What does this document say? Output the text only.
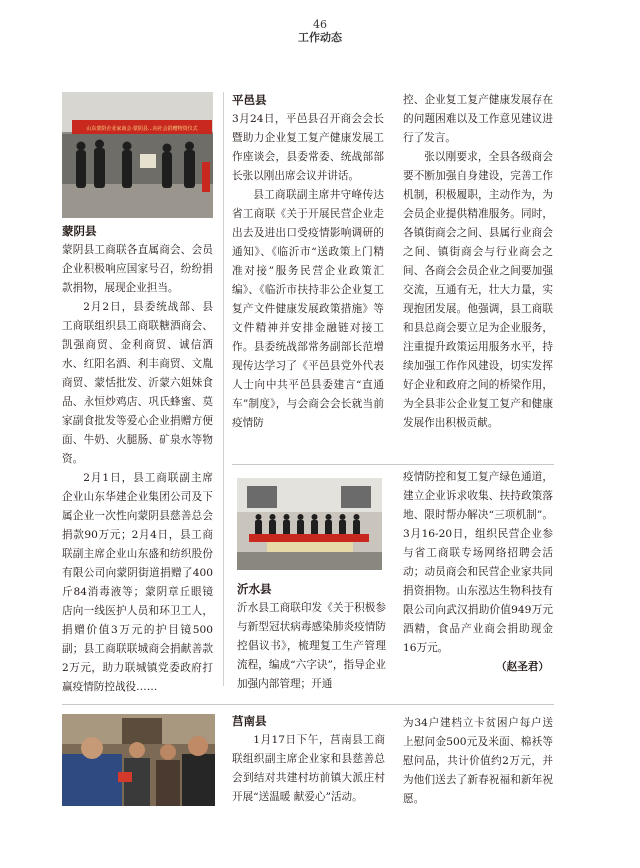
46
工作动态
山东蒙阴企业家商会·蒙阴县...向社会捐赠物资仪式
蒙阴县

蒙阴县工商联各直属商会、会员企业积极响应国家号召，纷纷捐款捐物，展现企业担当。

2月2日，县委统战部、县工商联组织县工商联糖酒商会、凯强商贸、金利商贸、诚信酒水、红阳名酒、利丰商贸、文胤商贸、蒙恬批发、沂蒙六姐妹食品、永恒炒鸡店、巩氏蜂蜜、莫家副食批发等爱心企业捐赠方便面、牛奶、火腿肠、矿泉水等物资。

2月1日，县工商联副主席企业山东华建企业集团公司及下属企业一次性向蒙阴县慈善总会捐款90万元；2月4日，县工商联副主席企业山东盛和纺织股份有限公司向蒙阴街道捐赠了400斤84消毒液等；蒙阴章丘眼镜店向一线医护人员和环卫工人，捐赠价值3万元的护目镜500副；县工商联联城商会捐献善款2万元，助力联城镇党委政府打赢疫情防控战役……

平邑县

3月24日，平邑县召开商会会长暨助力企业复工复产健康发展工作座谈会，县委常委、统战部部长张以刚出席会议并讲话。

县工商联副主席井守峰传达省工商联《关于开展民营企业走出去及进出口受疫情影响调研的通知》、《临沂市“送政策上门精准对接”服务民营企业政策汇编》、《临沂市扶持非公企业复工复产文件健康发展政策措施》等文件精神并安排金融链对接工作。县委统战部常务副部长范增现传达学习了《平邑县党外代表人士向中共平邑县委建言“直通车”制度》，与会商会会长就当前疫情防

控、企业复工复产健康发展存在的问题困难以及工作意见建议进行了发言。

张以刚要求，全县各级商会要不断加强自身建设，完善工作机制，积极履职，主动作为，为会员企业提供精准服务。同时，各镇街商会之间、县属行业商会之间、镇街商会与行业商会之间、各商会会员企业之间要加强交流，互通有无，壮大力量，实现抱团发展。他强调，县工商联和县总商会要立足为企业服务，注重提升政策运用服务水平，持续加强工作作风建设，切实发挥好企业和政府之间的桥梁作用，为全县非公企业复工复产和健康发展作出积极贡献。

沂水县

沂水县工商联印发《关于积极参与新型冠状病毒感染肺炎疫情防控倡议书》，梳理复工生产管理流程，编成“六字诀”，指导企业加强内部管理；开通

疫情防控和复工复产绿色通道，建立企业诉求收集、扶持政策落地、限时帮办解决“三项机制”。3月16-20日，组织民营企业参与省工商联专场网络招聘会活动；动员商会和民营企业家共同捐资捐物。山东泓达生物科技有限公司向武汉捐助价值949万元酒精，食品产业商会捐助现金16万元。

（赵圣君）

莒南县

1月17日下午，莒南县工商联组织副主席企业家和县慈善总会到结对共建村坊前镇大派庄村开展“送温暖 献爱心”活动。

为34户建档立卡贫困户每户送上慰问金500元及米面、棉袄等慰问品，共计价值约2万元，并为他们送去了新春祝福和新年祝愿。
